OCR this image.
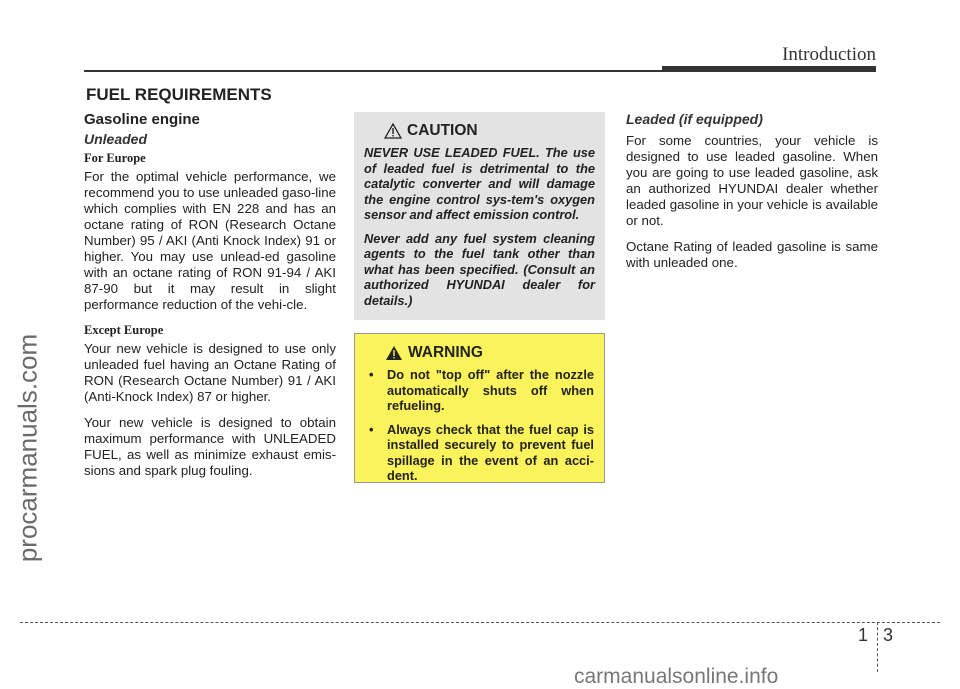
Introduction
procarmanuals.com
FUEL REQUIREMENTS
Gasoline engine
Unleaded
For Europe

For the optimal vehicle performance, we recommend you to use unleaded gaso-line which complies with EN 228 and has an octane rating of RON (Research Octane Number) 95 / AKI (Anti Knock Index) 91 or higher. You may use unlead-ed gasoline with an octane rating of RON 91-94 / AKI 87-90 but it may result in slight performance reduction of the vehi-cle.

Except Europe

Your new vehicle is designed to use only unleaded fuel having an Octane Rating of RON (Research Octane Number) 91 / AKI (Anti-Knock Index) 87 or higher.

Your new vehicle is designed to obtain maximum performance with UNLEADED FUEL, as well as minimize exhaust emis-sions and spark plug fouling.

CAUTION

NEVER USE LEADED FUEL. The use of leaded fuel is detrimental to the catalytic converter and will damage the engine control sys-tem's oxygen sensor and affect emission control.

Never add any fuel system cleaning agents to the fuel tank other than what has been specified. (Consult an authorized HYUNDAI dealer for details.)

WARNING
• Do not "top off" after the nozzle automatically shuts off when refueling.
• Always check that the fuel cap is installed securely to prevent fuel spillage in the event of an acci-dent.
Leaded (if equipped)

For some countries, your vehicle is designed to use leaded gasoline. When you are going to use leaded gasoline, ask an authorized HYUNDAI dealer whether leaded gasoline in your vehicle is available or not.

Octane Rating of leaded gasoline is same with unleaded one.

1 3
carmanualsonline.info
